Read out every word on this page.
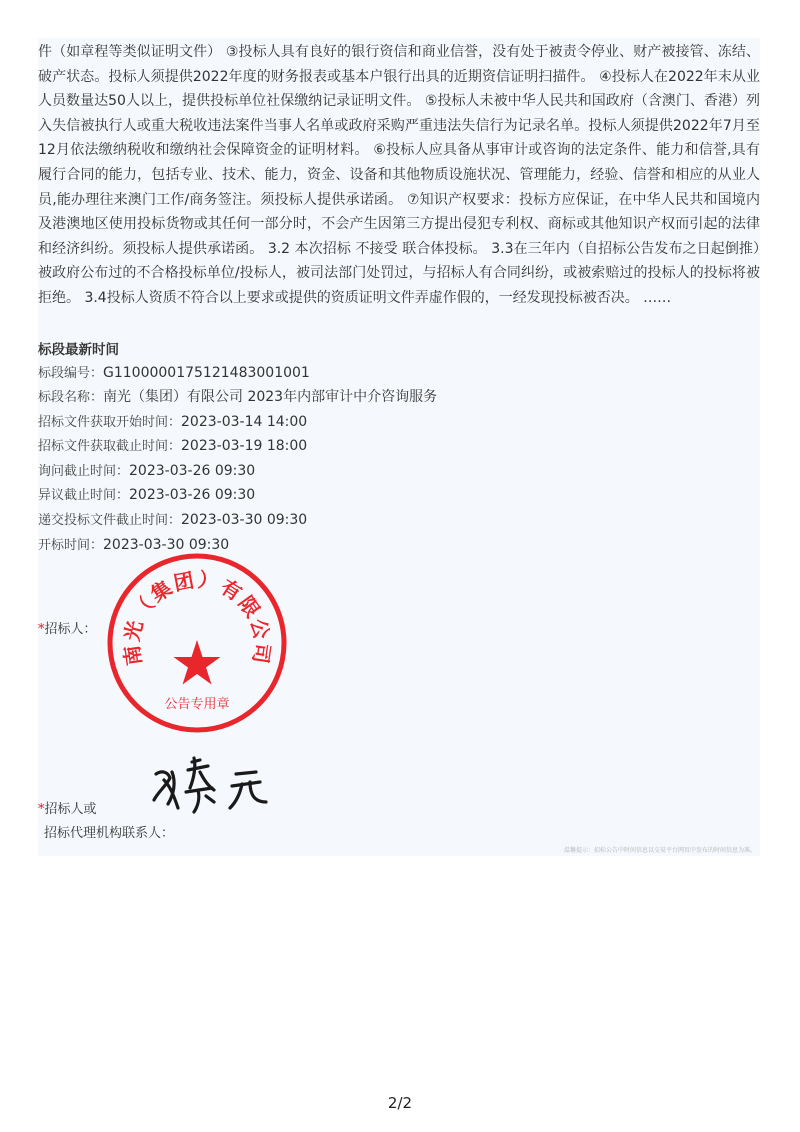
件（如章程等类似证明文件） ③投标人具有良好的银行资信和商业信誉，没有处于被责令停业、财产被接管、冻结、破产状态。投标人须提供2022年度的财务报表或基本户银行出具的近期资信证明扫描件。 ④投标人在2022年末从业人员数量达50人以上，提供投标单位社保缴纳记录证明文件。 ⑤投标人未被中华人民共和国政府（含澳门、香港）列入失信被执行人或重大税收违法案件当事人名单或政府采购严重违法失信行为记录名单。投标人须提供2022年7月至12月依法缴纳税收和缴纳社会保障资金的证明材料。 ⑥投标人应具备从事审计或咨询的法定条件、能力和信誉,具有履行合同的能力，包括专业、技术、能力，资金、设备和其他物质设施状况、管理能力，经验、信誉和相应的从业人员,能办理往来澳门工作/商务签注。须投标人提供承诺函。 ⑦知识产权要求：投标方应保证，在中华人民共和国境内及港澳地区使用投标货物或其任何一部分时，不会产生因第三方提出侵犯专利权、商标或其他知识产权而引起的法律和经济纠纷。须投标人提供承诺函。 3.2 本次招标 不接受 联合体投标。 3.3在三年内（自招标公告发布之日起倒推）被政府公布过的不合格投标单位/投标人，被司法部门处罚过，与招标人有合同纠纷，或被索赔过的投标人的投标将被拒绝。 3.4投标人资质不符合以上要求或提供的资质证明文件弄虚作假的，一经发现投标被否决。 ……
标段最新时间
标段编号：G1100000175121483001001
标段名称：南光（集团）有限公司 2023年内部审计中介咨询服务
招标文件获取开始时间：2023-03-14 14:00
招标文件获取截止时间：2023-03-19 18:00
询问截止时间：2023-03-26 09:30
异议截止时间：2023-03-26 09:30
递交投标文件截止时间：2023-03-30 09:30
开标时间：2023-03-30 09:30
*招标人：
*招标人或
招标代理机构联系人：
温馨提示：招标公告中时间信息以交易平台网页中发布的时间信息为准。
南光（集团）有限公司
公告专用章
2/2
